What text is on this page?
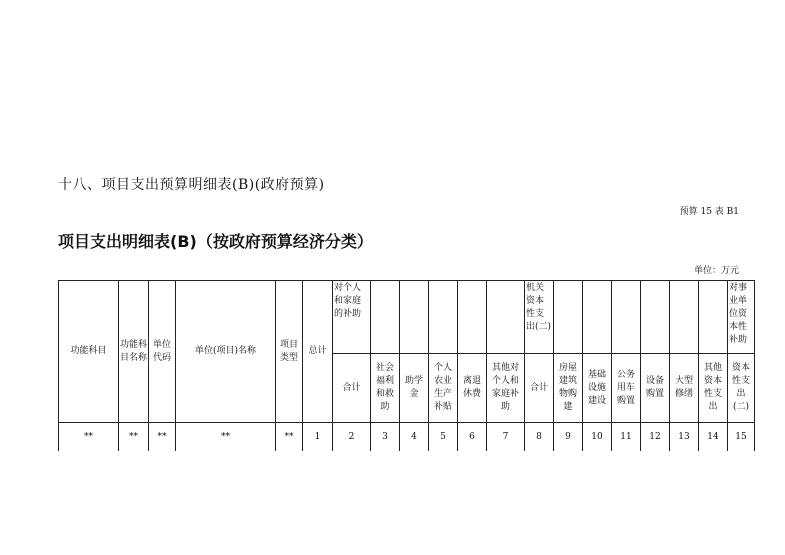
十八、项目支出预算明细表(B)(政府预算)
预算 15 表 B1
项目支出明细表(B)（按政府预算经济分类）
单位：万元
功能科目	功能科目名称	单位代码	单位(项目)名称	项目类型	总计	对个人和家庭的补助						机关资本性支出(二)							对事业单位资本性补助
						合计	社会福利和救助	助学金	个人农业生产补贴	离退休费	其他对个人和家庭补助	合计	房屋建筑物购建	基础设施建设	公务用车购置	设备购置	大型修缮	其他资本性支出	资本性支出(二)
**	**	**	**	**	1	2	3	4	5	6	7	8	9	10	11	12	13	14	15
